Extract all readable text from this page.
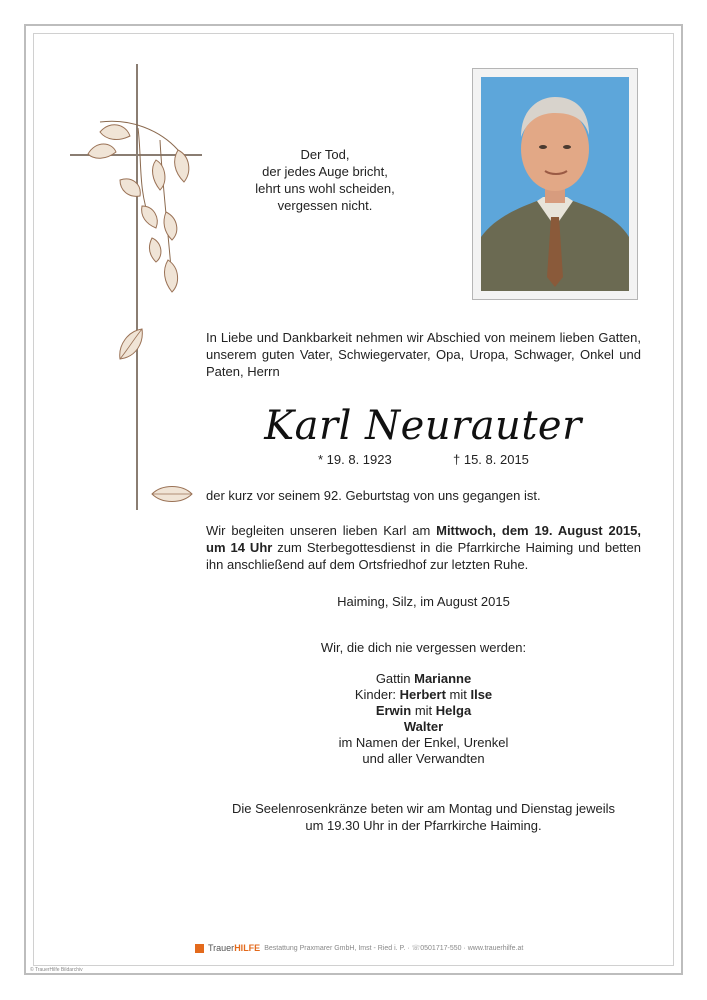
Der Tod,
der jedes Auge bricht,
lehrt uns wohl scheiden,
vergessen nicht.
In Liebe und Dankbarkeit nehmen wir Abschied von meinem lieben Gatten, unserem guten Vater, Schwiegervater, Opa, Uropa, Schwager, Onkel und Paten, Herrn
Karl Neurauter
* 19. 8. 1923	† 15. 8. 2015
der kurz vor seinem 92. Geburtstag von uns gegangen ist.
Wir begleiten unseren lieben Karl am Mittwoch, dem 19. August 2015, um 14 Uhr zum Sterbegottesdienst in die Pfarrkirche Haiming und betten ihn anschließend auf dem Ortsfriedhof zur letzten Ruhe.
Haiming, Silz, im August 2015
Wir, die dich nie vergessen werden:
Gattin Marianne
Kinder: Herbert mit Ilse
Erwin mit Helga
Walter
im Namen der Enkel, Urenkel
und aller Verwandten
Die Seelenrosenkränze beten wir am Montag und Dienstag jeweils
um 19.30 Uhr in der Pfarrkirche Haiming.
TrauerHILFE Bestattung Praxmarer GmbH, Imst - Ried i. P. · ☏0501717-550 · www.trauerhilfe.at
© TrauerHilfe Bildarchiv
